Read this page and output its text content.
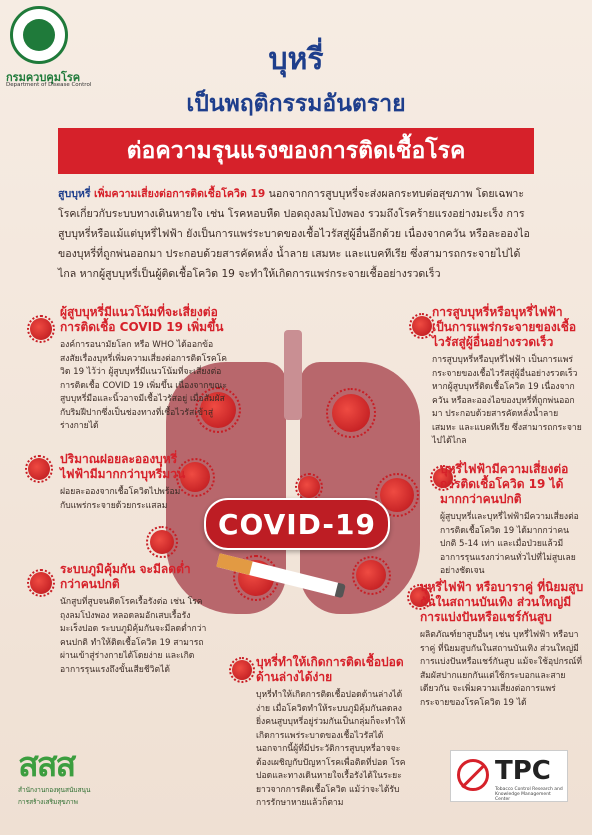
กรมควบคุมโรค
Department of Disease Control
บุหรี่
เป็นพฤติกรรมอันตราย
ต่อความรุนแรงของการติดเชื้อโรค
สูบบุหรี่ เพิ่มความเสี่ยงต่อการติดเชื้อโควิด 19 นอกจากการสูบบุหรี่จะส่งผลกระทบต่อสุขภาพ โดยเฉพาะโรคเกี่ยวกับระบบทางเดินหายใจ เช่น โรคหอบหืด ปอดถุงลมโป่งพอง รวมถึงโรคร้ายแรงอย่างมะเร็ง การสูบบุหรี่หรือแม้แต่บุหรี่ไฟฟ้า ยังเป็นการแพร่ระบาดของเชื้อไวรัสสู่ผู้อื่นอีกด้วย เนื่องจากควัน หรือละอองไอของบุหรี่ที่ถูกพ่นออกมา ประกอบด้วยสารคัดหลั่ง น้ำลาย เสมหะ และแบคทีเรีย ซึ่งสามารถกระจายไปได้ไกล หากผู้สูบบุหรี่เป็นผู้ติดเชื้อโควิด 19 จะทำให้เกิดการแพร่กระจายเชื้ออย่างรวดเร็ว
COVID-19
ผู้สูบบุหรี่มีแนวโน้มที่จะเสี่ยงต่อการติดเชื้อ COVID 19 เพิ่มขึ้น
องค์การอนามัยโลก หรือ WHO ได้ออกข้อสงสัยเรื่องบุหรี่เพิ่มความเสี่ยงต่อการติดโรคโควิด 19 ไว้ว่า ผู้สูบบุหรี่มีแนวโน้มที่จะเสี่ยงต่อการติดเชื้อ COVID 19 เพิ่มขึ้น เนื่องจากขณะสูบบุหรี่มือและนิ้วอาจมีเชื้อไวรัสอยู่ เมื่อสัมผัสกับริมฝีปากซึ่งเป็นช่องทางที่เชื้อไวรัสเข้าสู่ร่างกายได้
การสูบบุหรี่หรือบุหรี่ไฟฟ้า เป็นการแพร่กระจายของเชื้อไวรัสสู่ผู้อื่นอย่างรวดเร็ว
การสูบบุหรี่หรือบุหรี่ไฟฟ้า เป็นการแพร่กระจายของเชื้อไวรัสสู่ผู้อื่นอย่างรวดเร็ว หากผู้สูบบุหรี่ติดเชื้อโควิด 19 เนื่องจากควัน หรือละอองไอของบุหรี่ที่ถูกพ่นออกมา ประกอบด้วยสารคัดหลั่งน้ำลาย เสมหะ และแบคทีเรีย ซึ่งสามารถกระจายไปได้ไกล
ปริมาณฝอยละอองบุหรี่ไฟฟ้ามีมากกว่าบุหรี่มวน
ฝอยละอองจากเชื้อโควิดไปพร้อมกับแพร่กระจายด้วยกระแสลม
บุหรี่ไฟฟ้ามีความเสี่ยงต่อการติดเชื้อโควิด 19 ได้มากกว่าคนปกติ
ผู้สูบบุหรี่และบุหรี่ไฟฟ้ามีความเสี่ยงต่อการติดเชื้อโควิด 19 ได้มากกว่าคนปกติ 5-14 เท่า และเมื่อป่วยแล้วมีอาการรุนแรงกว่าคนทั่วไปที่ไม่สูบเลยอย่างชัดเจน
ระบบภูมิคุ้มกัน จะมีลดต่ำกว่าคนปกติ
นักสูบที่สูบจนติดโรคเรื้อรังต่อ เช่น โรคถุงลมโป่งพอง หลอดลมอักเสบเรื้อรังมะเร็งปอด ระบบภูมิคุ้มกันจะมีลดต่ำกว่าคนปกติ ทำให้ติดเชื้อโควิด 19 สามารถผ่านเข้าสู่ร่างกายได้โดยง่าย และเกิดอาการรุนแรงถึงขั้นเสียชีวิตได้
บุหรี่ไฟฟ้า หรือบาราคู่ ที่นิยมสูบกันในสถานบันเทิง ส่วนใหญ่มีการแบ่งปันหรือแชร์กันสูบ
ผลิตภัณฑ์ยาสูบอื่นๆ เช่น บุหรี่ไฟฟ้า หรือบาราคู่ ที่นิยมสูบกันในสถานบันเทิง ส่วนใหญ่มีการแบ่งปันหรือแชร์กันสูบ แม้จะใช้อุปกรณ์ที่สัมผัสปากแยกกันแต่ใช้กระบอกและสายเดียวกัน จะเพิ่มความเสี่ยงต่อการแพร่กระจายของโรคโควิด 19 ได้
บุหรี่ทำให้เกิดการติดเชื้อปอดด้านล่างได้ง่าย
บุหรี่ทำให้เกิดการติดเชื้อปอดด้านล่างได้ง่าย เมื่อโควิดทำให้ระบบภูมิคุ้มกันลดลง ยิ่งคนสูบบุหรี่อยู่ร่วมกันเป็นกลุ่มก็จะทำให้เกิดการแพร่ระบาดของเชื้อไวรัสได้ นอกจากนี้ผู้ที่มีประวัติการสูบบุหรี่อาจจะต้องเผชิญกับปัญหาโรคเพื่อติดที่ปอด โรคปอดและทางเดินหายใจเรื้อรังได้ในระยะยาวจากการติดเชื้อโควิด แม้ว่าจะได้รับการรักษาหายแล้วก็ตาม
สสส
สำนักงานกองทุนสนับสนุน
การสร้างเสริมสุขภาพ
TPC
Tobacco Control Research and Knowledge Management Center
